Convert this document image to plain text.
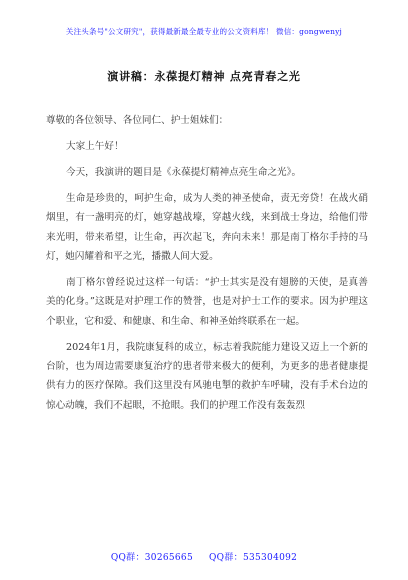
关注头条号"公文研究"，获得最新最全最专业的公文资料库！ 微信：gongwenyj
演讲稿：永葆提灯精神 点亮青春之光

尊敬的各位领导、各位同仁、护士姐妹们：

大家上午好！

今天，我演讲的题目是《永葆提灯精神点亮生命之光》。

生命是珍贵的，呵护生命，成为人类的神圣使命，责无旁贷！在战火硝烟里，有一盏明亮的灯，她穿越战壕，穿越火线，来到战士身边，给他们带来光明，带来希望，让生命，再次起飞，奔向未来！那是南丁格尔手持的马灯，她闪耀着和平之光，播撒人间大爱。

南丁格尔曾经说过这样一句话：“护士其实是没有翅膀的天使，是真善美的化身。”这既是对护理工作的赞誉，也是对护士工作的要求。因为护理这个职业，它和爱、和健康、和生命、和神圣始终联系在一起。

2024年1月，我院康复科的成立，标志着我院能力建设又迈上一个新的台阶，也为周边需要康复治疗的患者带来极大的便利，为更多的患者健康提供有力的医疗保障。我们这里没有风驰电掣的救护车呼啸，没有手术台边的惊心动魄，我们不起眼，不抢眼。我们的护理工作没有轰轰烈

QQ群：30265665 QQ群：535304092
